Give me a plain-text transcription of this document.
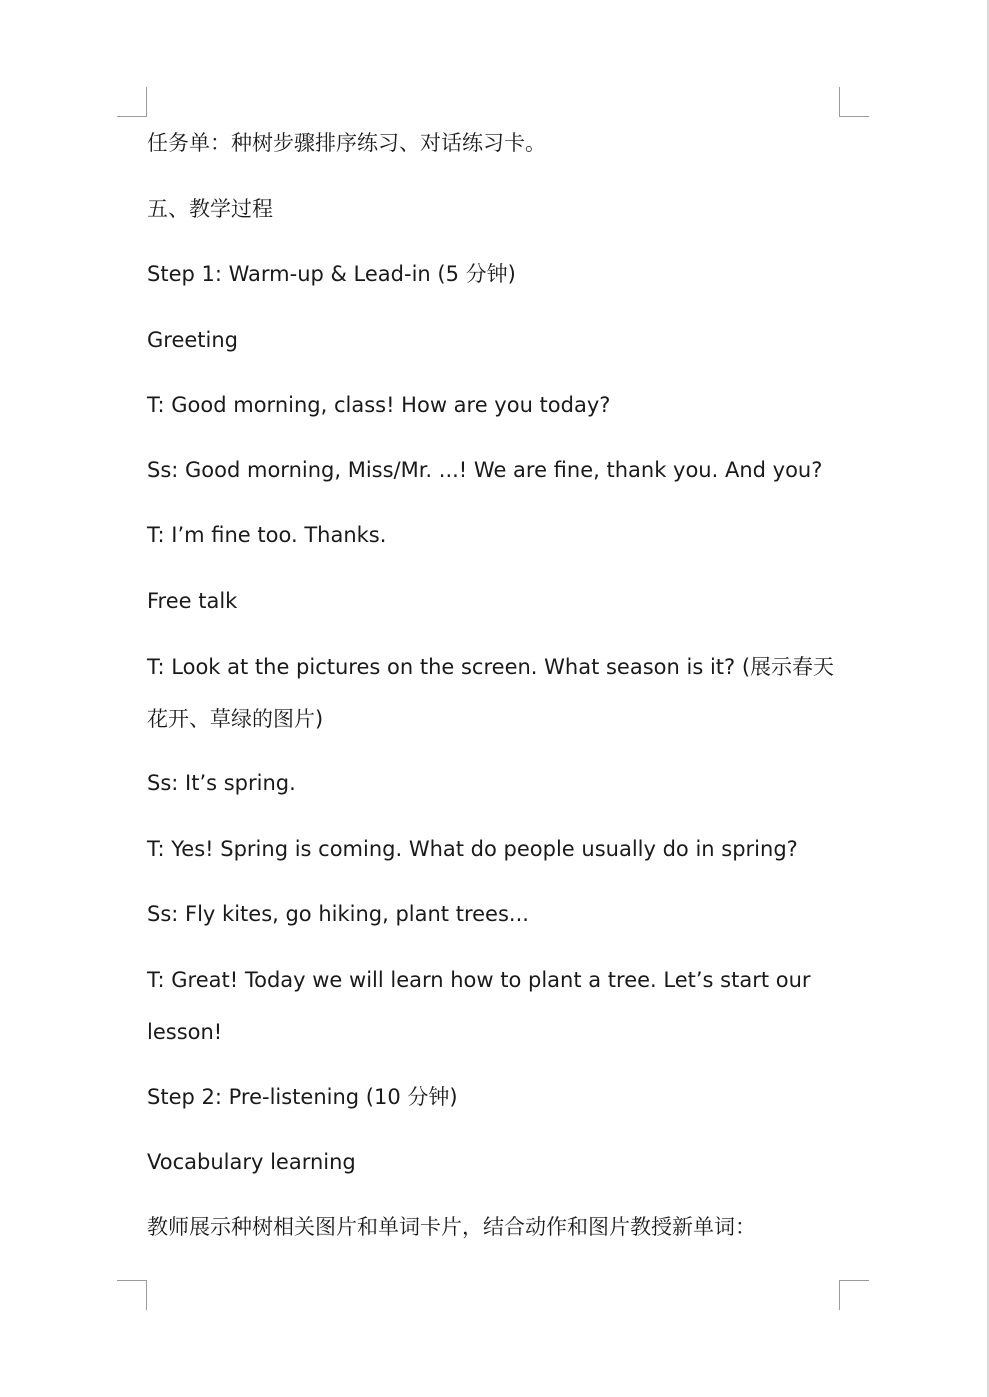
任务单：种树步骤排序练习、对话练习卡。

五、教学过程

Step 1: Warm-up & Lead-in (5 分钟)

Greeting

T: Good morning, class! How are you today?

Ss: Good morning, Miss/Mr. ...! We are fine, thank you. And you?

T: I’m fine too. Thanks.

Free talk

T: Look at the pictures on the screen. What season is it? (展示春天花开、草绿的图片)

Ss: It’s spring.

T: Yes! Spring is coming. What do people usually do in spring?

Ss: Fly kites, go hiking, plant trees...

T: Great! Today we will learn how to plant a tree. Let’s start our lesson!

Step 2: Pre-listening (10 分钟)

Vocabulary learning

教师展示种树相关图片和单词卡片，结合动作和图片教授新单词：
